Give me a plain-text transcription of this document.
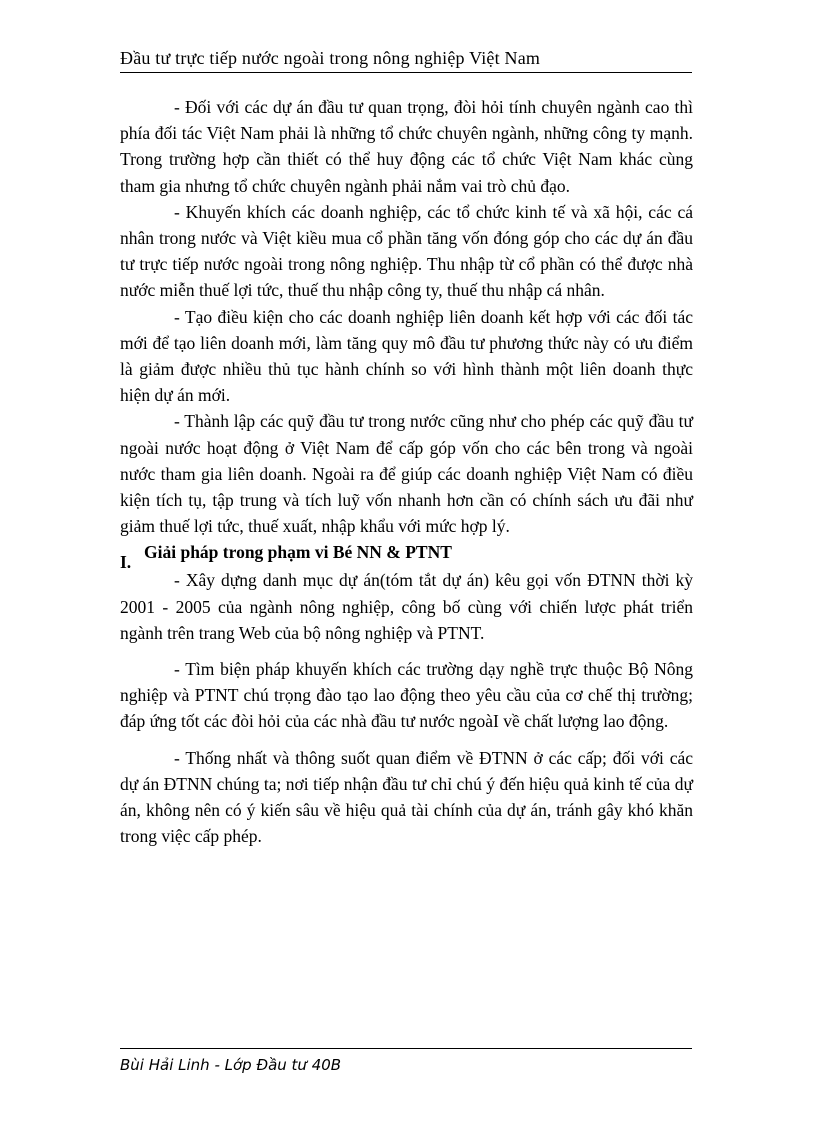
Đầu tư trực tiếp nước ngoài trong nông nghiệp Việt Nam

- Đối với các dự án đầu tư quan trọng, đòi hỏi tính chuyên ngành cao thì phía đối tác Việt Nam phải là những tổ chức chuyên ngành, những công ty mạnh. Trong trường hợp cần thiết có thể huy động các tổ chức Việt Nam khác cùng tham gia nhưng tổ chức chuyên ngành phải nắm vai trò chủ đạo.

- Khuyến khích các doanh nghiệp, các tổ chức kinh tế và xã hội, các cá nhân trong nước và Việt kiều mua cổ phần tăng vốn đóng góp cho các dự án đầu tư trực tiếp nước ngoài trong nông nghiệp. Thu nhập từ cổ phần có thể được nhà nước miễn thuế lợi tức, thuế thu nhập công ty, thuế thu nhập cá nhân.

- Tạo điều kiện cho các doanh nghiệp liên doanh kết hợp với các đối tác mới để tạo liên doanh mới, làm tăng quy mô đầu tư phương thức này có ưu điểm là giảm được nhiều thủ tục hành chính so với hình thành một liên doanh thực hiện dự án mới.

- Thành lập các quỹ đầu tư trong nước cũng như cho phép các quỹ đầu tư ngoài nước hoạt động ở Việt Nam để cấp góp vốn cho các bên trong và ngoài nước tham gia liên doanh. Ngoài ra để giúp các doanh nghiệp Việt Nam có điều kiện tích tụ, tập trung và tích luỹ vốn nhanh hơn cần có chính sách ưu đãi như giảm thuế lợi tức, thuế xuất, nhập khẩu với mức hợp lý.

I. Giải pháp trong phạm vi Bé NN & PTNT

- Xây dựng danh mục dự án(tóm tắt dự án) kêu gọi vốn ĐTNN thời kỳ 2001 - 2005 của ngành nông nghiệp, công bố cùng với chiến lược phát triển ngành trên trang Web của bộ nông nghiệp và PTNT.

- Tìm biện pháp khuyến khích các trường dạy nghề trực thuộc Bộ Nông nghiệp và PTNT chú trọng đào tạo lao động theo yêu cầu của cơ chế thị trường; đáp ứng tốt các đòi hỏi của các nhà đầu tư nước ngoàI về chất lượng lao động.

- Thống nhất và thông suốt quan điểm về ĐTNN ở các cấp; đối với các dự án ĐTNN chúng ta; nơi tiếp nhận đầu tư chỉ chú ý đến hiệu quả kinh tế của dự án, không nên có ý kiến sâu về hiệu quả tài chính của dự án, tránh gây khó khăn trong việc cấp phép.

Bùi Hải Linh - Lớp Đầu tư 40B
